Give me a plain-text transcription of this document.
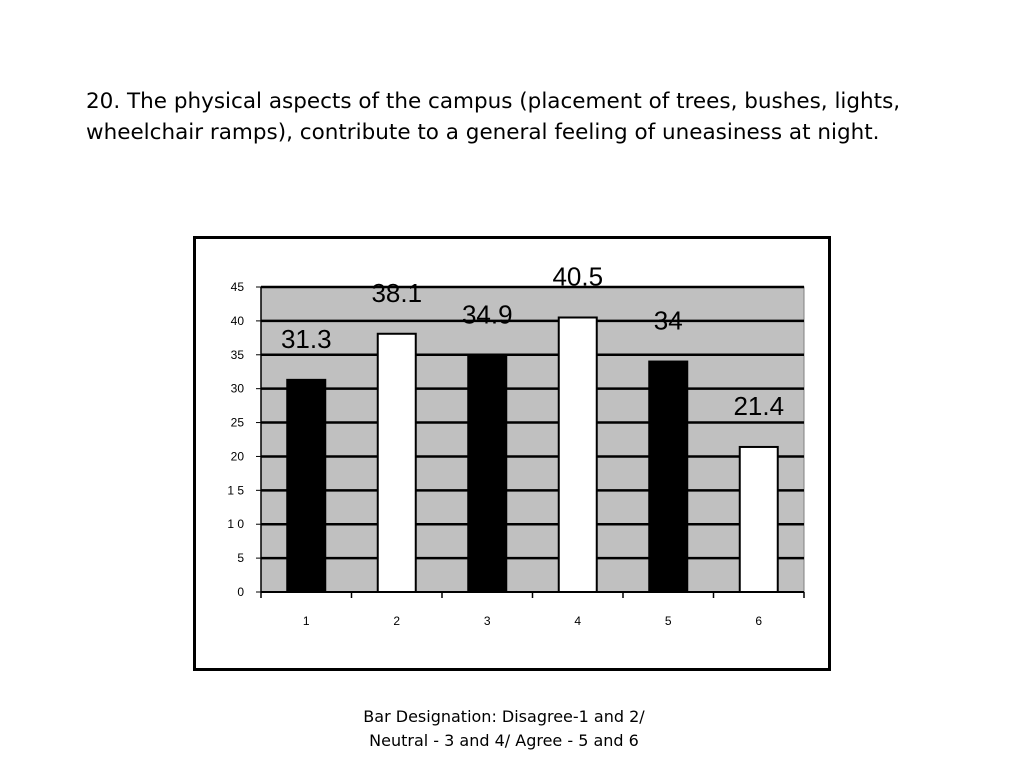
20. The physical aspects of the campus (placement of trees, bushes, lights, wheelchair ramps), contribute to a general feeling of uneasiness at night.
0
5
1 0
1 5
20
25
30
35
40
45
31.3
1
38.1
2
34.9
3
40.5
4
34
5
21.4
6
Bar Designation: Disagree-1 and 2/ Neutral - 3 and 4/ Agree - 5 and 6
